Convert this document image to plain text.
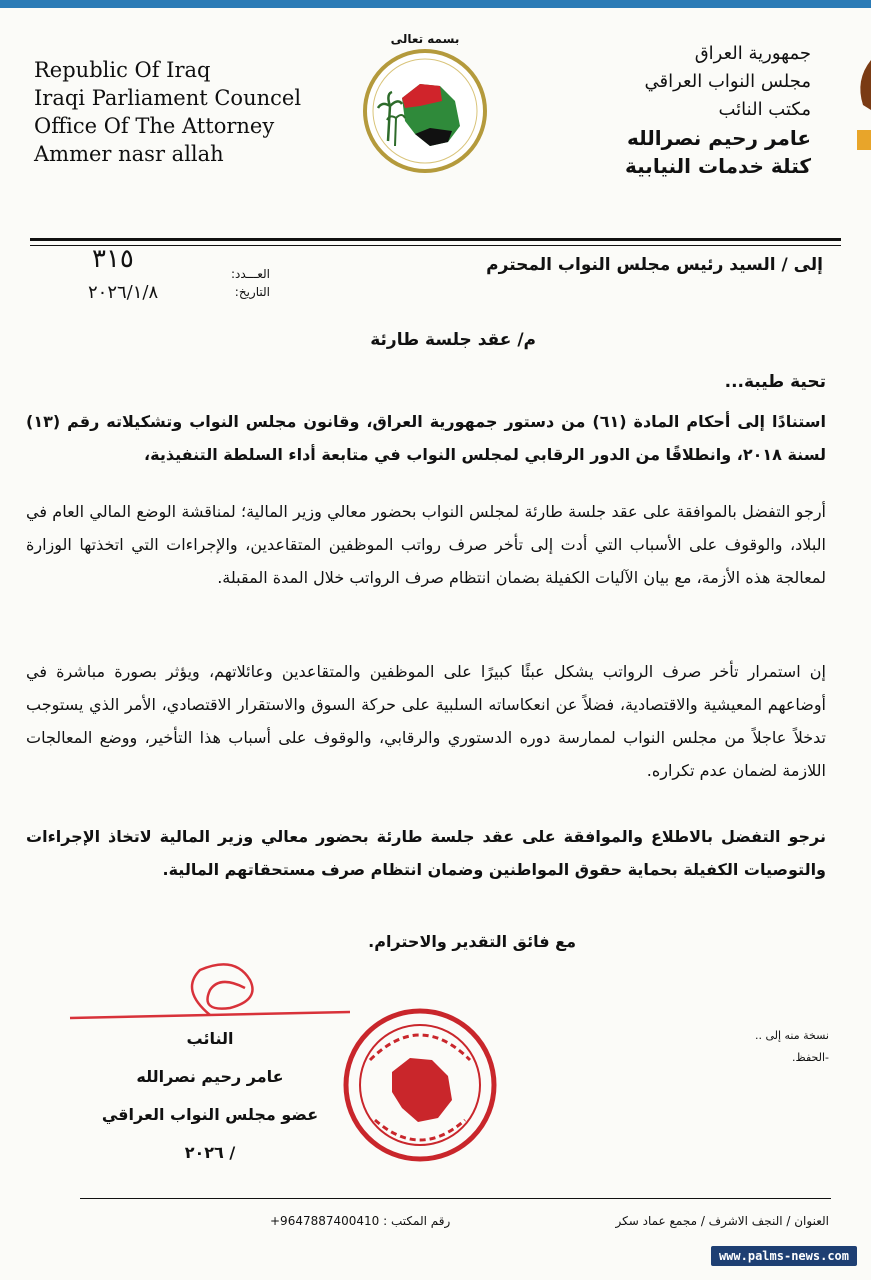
Republic Of Iraq
Iraqi Parliament Councel
Office Of The Attorney
Ammer nasr allah
بسمه تعالى
جمهورية العراق
مجلس النواب العراقي
مكتب النائب
عامر رحيم نصرالله
كتلة خدمات النيابية
إلى / السيد رئيس مجلس النواب المحترم
العـــدد:
التاريخ:
٣١٥
٢٠٢٦/١/٨
م/ عقد جلسة طارئة
تحية طيبة...
استنادًا إلى أحكام المادة (٦١) من دستور جمهورية العراق، وقانون مجلس النواب وتشكيلاته رقم (١٣) لسنة ٢٠١٨، وانطلاقًا من الدور الرقابي لمجلس النواب في متابعة أداء السلطة التنفيذية،
أرجو التفضل بالموافقة على عقد جلسة طارئة لمجلس النواب بحضور معالي وزير المالية؛ لمناقشة الوضع المالي العام في البلاد، والوقوف على الأسباب التي أدت إلى تأخر صرف رواتب الموظفين المتقاعدين، والإجراءات التي اتخذتها الوزارة لمعالجة هذه الأزمة، مع بيان الآليات الكفيلة بضمان انتظام صرف الرواتب خلال المدة المقبلة.
إن استمرار تأخر صرف الرواتب يشكل عبئًا كبيرًا على الموظفين والمتقاعدين وعائلاتهم، ويؤثر بصورة مباشرة في أوضاعهم المعيشية والاقتصادية، فضلاً عن انعكاساته السلبية على حركة السوق والاستقرار الاقتصادي، الأمر الذي يستوجب تدخلاً عاجلاً من مجلس النواب لممارسة دوره الدستوري والرقابي، والوقوف على أسباب هذا التأخير، ووضع المعالجات اللازمة لضمان عدم تكراره.
نرجو التفضل بالاطلاع والموافقة على عقد جلسة طارئة بحضور معالي وزير المالية لاتخاذ الإجراءات والتوصيات الكفيلة بحماية حقوق المواطنين وضمان انتظام صرف مستحقاتهم المالية.
مع فائق التقدير والاحترام.
النائب
عامر رحيم نصرالله
عضو مجلس النواب العراقي
/ ٢٠٢٦
نسخة منه إلى ..
-الحفظ.
العنوان / النجف الاشرف / مجمع عماد سكر
رقم المكتب : +9647887400410
www.palms-news.com
